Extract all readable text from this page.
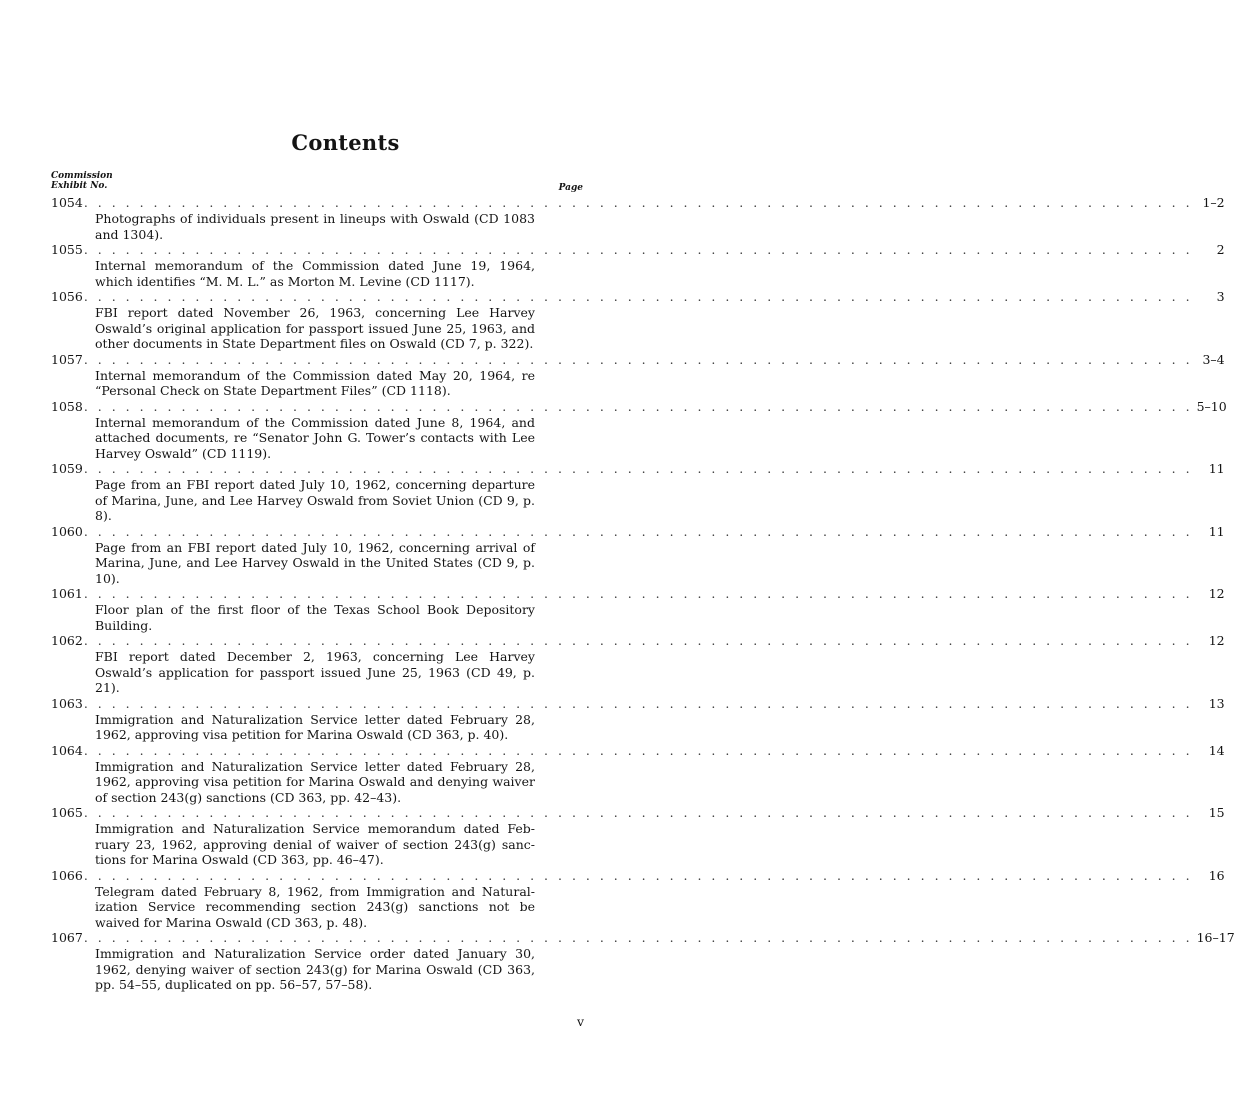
Contents
Commission Exhibit No.	Page
1054 . . . . . . . . . . . . . . . . . . . . . . . . . . . . . . . . . . . . . . . . . . . . . . . . . . . . . . . . . . . . . . . . . . . . . . . . . . . . . . . . 1–2
Photographs of individuals present in lineups with Oswald (CD 1083 and 1304).
1055 . . . . . . . . . . . . . . . . . . . . . . . . . . . . . . . . . . . . . . . . . . . . . . . . . . . . . . . . . . . . . . . . . . . . . . . . . . . . . . . .	2
Internal memorandum of the Commission dated June 19, 1964, which identifies “M. M. L.” as Morton M. Levine (CD 1117).
1056 . . . . . . . . . . . . . . . . . . . . . . . . . . . . . . . . . . . . . . . . . . . . . . . . . . . . . . . . . . . . . . . . . . . . . . . . . . . . . . . .	3
FBI report dated November 26, 1963, concerning Lee Harvey Oswald’s original application for passport issued June 25, 1963, and other documents in State Department files on Oswald (CD 7, p. 322).
1057 . . . . . . . . . . . . . . . . . . . . . . . . . . . . . . . . . . . . . . . . . . . . . . . . . . . . . . . . . . . . . . . . . . . . . . . . . . . . . . . . 3–4
Internal memorandum of the Commission dated May 20, 1964, re “Personal Check on State Department Files” (CD 1118).
1058 . . . . . . . . . . . . . . . . . . . . . . . . . . . . . . . . . . . . . . . . . . . . . . . . . . . . . . . . . . . . . . . . . . . . . . . . . . . . . . . . 5–10
Internal memorandum of the Commission dated June 8, 1964, and attached documents, re “Senator John G. Tower’s contacts with Lee Harvey Oswald” (CD 1119).
1059 . . . . . . . . . . . . . . . . . . . . . . . . . . . . . . . . . . . . . . . . . . . . . . . . . . . . . . . . . . . . . . . . . . . . . . . . . . . . . . . .	11
Page from an FBI report dated July 10, 1962, concerning departure of Marina, June, and Lee Harvey Oswald from Soviet Union (CD 9, p. 8).
1060 . . . . . . . . . . . . . . . . . . . . . . . . . . . . . . . . . . . . . . . . . . . . . . . . . . . . . . . . . . . . . . . . . . . . . . . . . . . . . . . .	11
Page from an FBI report dated July 10, 1962, concerning arrival of Marina, June, and Lee Harvey Oswald in the United States (CD 9, p. 10).
1061 . . . . . . . . . . . . . . . . . . . . . . . . . . . . . . . . . . . . . . . . . . . . . . . . . . . . . . . . . . . . . . . . . . . . . . . . . . . . . . . .	12
Floor plan of the first floor of the Texas School Book Depository Building.
1062 . . . . . . . . . . . . . . . . . . . . . . . . . . . . . . . . . . . . . . . . . . . . . . . . . . . . . . . . . . . . . . . . . . . . . . . . . . . . . . . .	12
FBI report dated December 2, 1963, concerning Lee Harvey Oswald’s application for passport issued June 25, 1963 (CD 49, p. 21).
1063 . . . . . . . . . . . . . . . . . . . . . . . . . . . . . . . . . . . . . . . . . . . . . . . . . . . . . . . . . . . . . . . . . . . . . . . . . . . . . . . .	13
Immigration and Naturalization Service letter dated February 28, 1962, approving visa petition for Marina Oswald (CD 363, p. 40).
1064 . . . . . . . . . . . . . . . . . . . . . . . . . . . . . . . . . . . . . . . . . . . . . . . . . . . . . . . . . . . . . . . . . . . . . . . . . . . . . . . .	14
Immigration and Naturalization Service letter dated February 28, 1962, approving visa petition for Marina Oswald and denying waiver of section 243(g) sanctions (CD 363, pp. 42–43).
1065 . . . . . . . . . . . . . . . . . . . . . . . . . . . . . . . . . . . . . . . . . . . . . . . . . . . . . . . . . . . . . . . . . . . . . . . . . . . . . . . .	15
Immigration and Naturalization Service memorandum dated Feb-ruary 23, 1962, approving denial of waiver of section 243(g) sanc-tions for Marina Oswald (CD 363, pp. 46–47).
1066 . . . . . . . . . . . . . . . . . . . . . . . . . . . . . . . . . . . . . . . . . . . . . . . . . . . . . . . . . . . . . . . . . . . . . . . . . . . . . . . .	16
Telegram dated February 8, 1962, from Immigration and Natural-ization Service recommending section 243(g) sanctions not be waived for Marina Oswald (CD 363, p. 48).
1067 . . . . . . . . . . . . . . . . . . . . . . . . . . . . . . . . . . . . . . . . . . . . . . . . . . . . . . . . . . . . . . . . . . . . . . . . . . . . . . . . 16–17
Immigration and Naturalization Service order dated January 30, 1962, denying waiver of section 243(g) for Marina Oswald (CD 363, pp. 54–55, duplicated on pp. 56–57, 57–58).
v
